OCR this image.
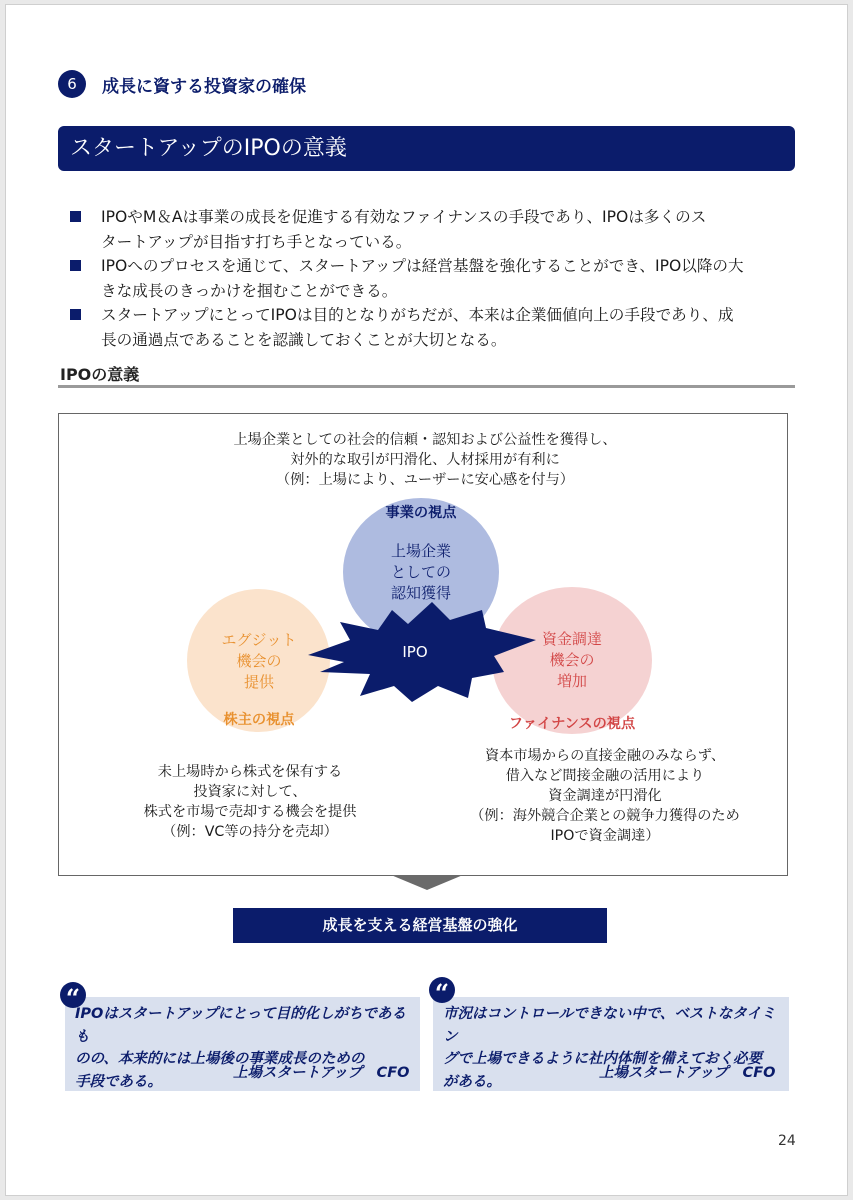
6	成長に資する投資家の確保
スタートアップのIPOの意義
IPOやM＆Aは事業の成長を促進する有効なファイナンスの手段であり、IPOは多くのス
タートアップが目指す打ち手となっている。
IPOへのプロセスを通じて、スタートアップは経営基盤を強化することができ、IPO以降の大
きな成長のきっかけを掴むことができる。
スタートアップにとってIPOは目的となりがちだが、本来は企業価値向上の手段であり、成
長の通過点であることを認識しておくことが大切となる。
IPOの意義
上場企業としての社会的信頼・認知および公益性を獲得し、
対外的な取引が円滑化、人材採用が有利に
（例：上場により、ユーザーに安心感を付与）
IPO
事業の視点
上場企業
としての
認知獲得
エグジット
機会の
提供
株主の視点
資金調達
機会の
増加
ファイナンスの視点
未上場時から株式を保有する
投資家に対して、
株式を市場で売却する機会を提供
（例：VC等の持分を売却）
資本市場からの直接金融のみならず、
借入など間接金融の活用により
資金調達が円滑化
（例：海外競合企業との競争力獲得のため
IPOで資金調達）
成長を支える経営基盤の強化
IPOはスタートアップにとって目的化しがちであるも
のの、本来的には上場後の事業成長のための
手段である。
上場スタートアップ　CFO
“
市況はコントロールできない中で、ベストなタイミン
グで上場できるように社内体制を備えておく必要
がある。
上場スタートアップ　CFO
“
24
